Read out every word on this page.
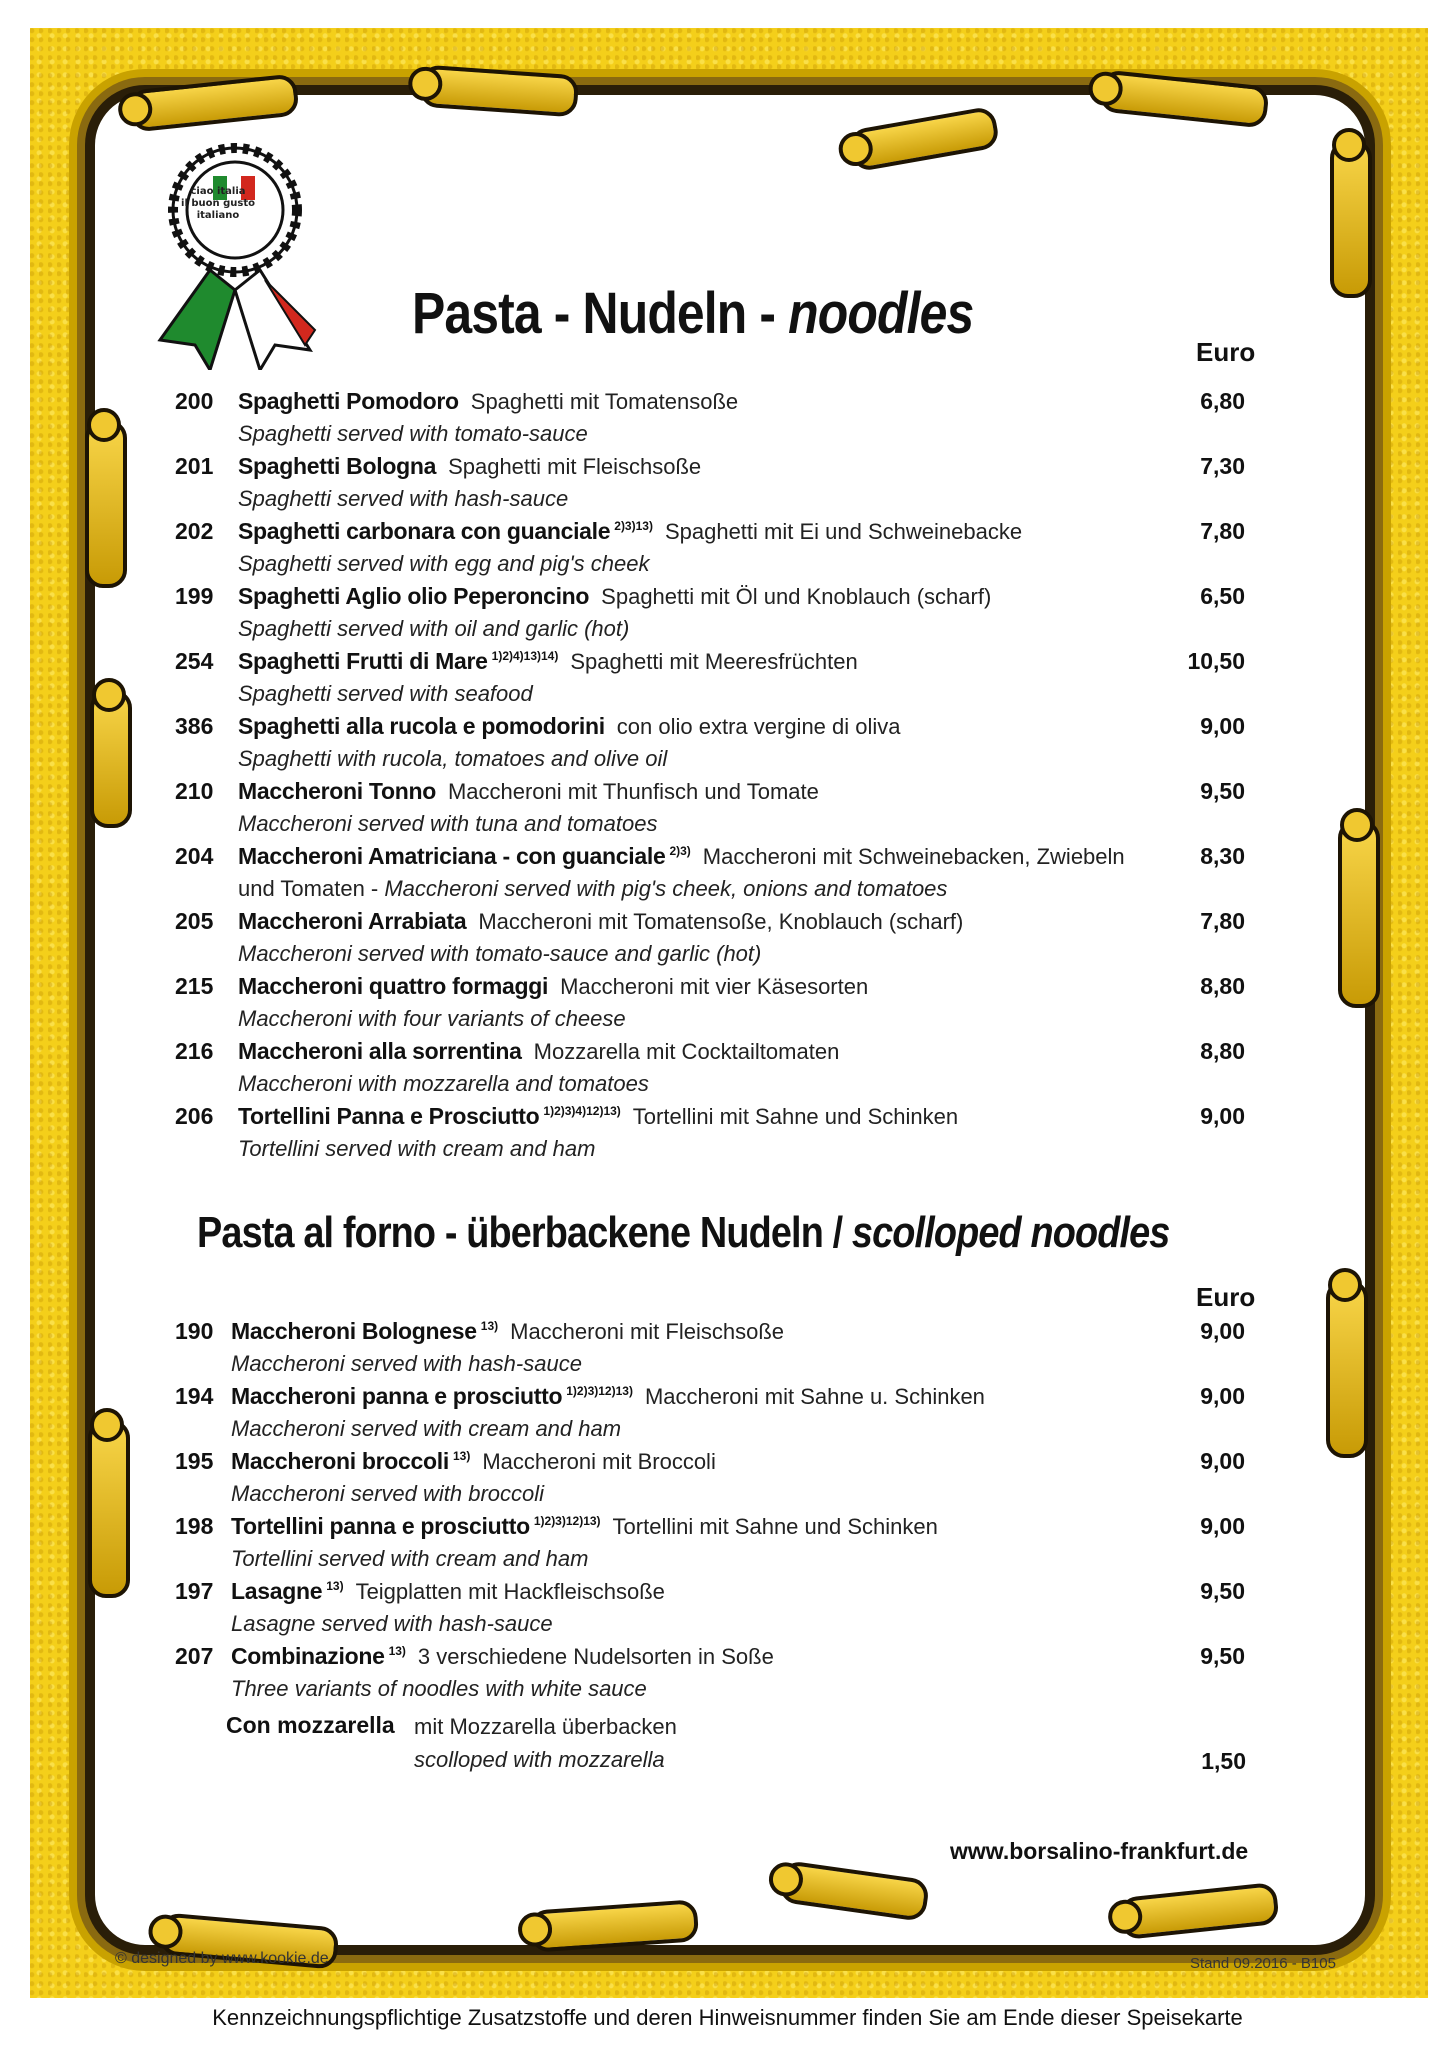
ciao italia
il buon gusto italiano
Pasta - Nudeln - noodles

Euro

200 Spaghetti Pomodoro Spaghetti mit Tomatensoße	6,80
Spaghetti served with tomato-sauce
201 Spaghetti Bologna Spaghetti mit Fleischsoße	7,30
Spaghetti served with hash-sauce
202 Spaghetti carbonara con guanciale $^{2)3)13)}$ Spaghetti mit Ei und Schweinebacke	7,80
Spaghetti served with egg and pig's cheek
199 Spaghetti Aglio olio Peperoncino Spaghetti mit Öl und Knoblauch (scharf)	6,50
Spaghetti served with oil and garlic (hot)
254 Spaghetti Frutti di Mare $^{1)2)4)13)14)}$ Spaghetti mit Meeresfrüchten	10,50
Spaghetti served with seafood
386 Spaghetti alla rucola e pomodorini con olio extra vergine di oliva	9,00
Spaghetti with rucola, tomatoes and olive oil
210 Maccheroni Tonno Maccheroni mit Thunfisch und Tomate	9,50
Maccheroni served with tuna and tomatoes
204 Maccheroni Amatriciana - con guanciale $^{2)3)}$ Maccheroni mit Schweinebacken, Zwiebeln	8,30
und Tomaten - Maccheroni served with pig's cheek, onions and tomatoes
205 Maccheroni Arrabiata Maccheroni mit Tomatensoße, Knoblauch (scharf)	7,80
Maccheroni served with tomato-sauce and garlic (hot)
215 Maccheroni quattro formaggi Maccheroni mit vier Käsesorten	8,80
Maccheroni with four variants of cheese
216 Maccheroni alla sorrentina Mozzarella mit Cocktailtomaten	8,80
Maccheroni with mozzarella and tomatoes
206 Tortellini Panna e Prosciutto $^{1)2)3)4)12)13)}$ Tortellini mit Sahne und Schinken	9,00
Tortellini served with cream and ham
Pasta al forno - überbackene Nudeln / scolloped noodles

Euro

190 Maccheroni Bolognese $^{13)}$ Maccheroni mit Fleischsoße	9,00
Maccheroni served with hash-sauce
194 Maccheroni panna e prosciutto $^{1)2)3)12)13)}$ Maccheroni mit Sahne u. Schinken	9,00
Maccheroni served with cream and ham
195 Maccheroni broccoli $^{13)}$ Maccheroni mit Broccoli	9,00
Maccheroni served with broccoli
198 Tortellini panna e prosciutto $^{1)2)3)12)13)}$ Tortellini mit Sahne und Schinken	9,00
Tortellini served with cream and ham
197 Lasagne $^{13)}$ Teigplatten mit Hackfleischsoße	9,50
Lasagne served with hash-sauce
207 Combinazione $^{13)}$ 3 verschiedene Nudelsorten in Soße	9,50
Three variants of noodles with white sauce
Con mozzarella mit Mozzarella überbacken
scolloped with mozzarella	1,50
www.borsalino-frankfurt.de
© designed by www.kookie.de	Stand 09.2016 - B105
Kennzeichnungspflichtige Zusatzstoffe und deren Hinweisnummer finden Sie am Ende dieser Speisekarte
